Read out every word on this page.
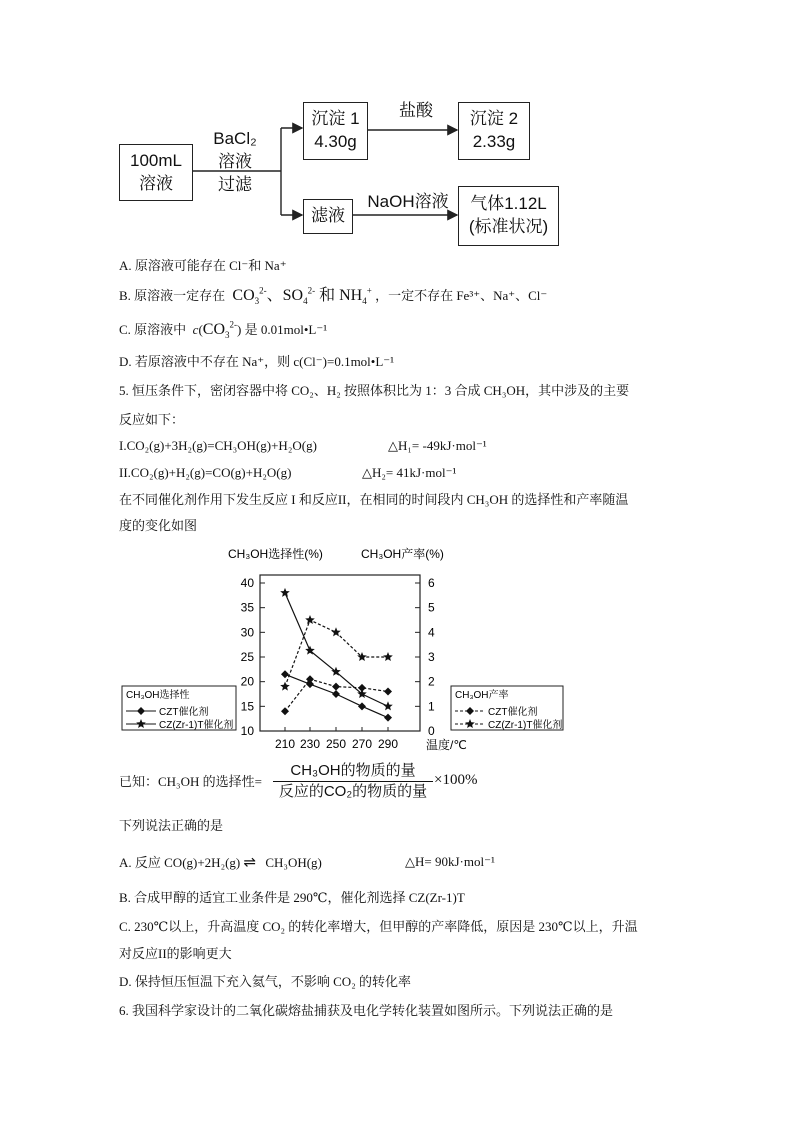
100mL
溶液
BaCl₂
溶液
过滤
沉淀 1
4.30g
盐酸	沉淀 2
2.33g
滤液
NaOH溶液	气体1.12L
(标准状况)
A. 原溶液可能存在 Cl⁻和 Na⁺
B. 原溶液一定存在  $CO_3^{2-}$、$SO_4^{2-}$ 和 $NH_4^+$ ，一定不存在 Fe³⁺、Na⁺、Cl⁻
C. 原溶液中 $c(CO_3^{2-})$ 是 0.01mol•L⁻¹
D. 若原溶液中不存在 Na⁺，则 c(Cl⁻)=0.1mol•L⁻¹
5. 恒压条件下，密闭容器中将 CO₂、H₂ 按照体积比为 1：3 合成 CH₃OH，其中涉及的主要
反应如下：
I.CO₂(g)+3H₂(g)=CH₃OH(g)+H₂O(g)	△H₁= -49kJ·mol⁻¹
II.CO₂(g)+H₂(g)=CO(g)+H₂O(g)	△H₂= 41kJ·mol⁻¹
在不同催化剂作用下发生反应 I 和反应II，在相同的时间段内 CH₃OH 的选择性和产率随温
度的变化如图
CH₃OH选择性(%)	CH₃OH产率(%)
10
15
20
25
30
35
40
0
1
2
3
4
5
6
210 230 250 270 290 温度/℃
CH₃OH选择性
CZT催化剂
CZ(Zr-1)T催化剂
CH₃OH产率
CZT催化剂
CZ(Zr-1)T催化剂
已知：CH₃OH 的选择性=
CH₃OH的物质的量
反应的CO₂的物质的量
×100%
下列说法正确的是
A. 反应 CO(g)+2H₂(g) ⇌ CH₃OH(g)	△H= 90kJ·mol⁻¹
B. 合成甲醇的适宜工业条件是 290℃，催化剂选择 CZ(Zr-1)T
C. 230℃以上，升高温度 CO₂ 的转化率增大，但甲醇的产率降低，原因是 230℃以上，升温
对反应II的影响更大
D. 保持恒压恒温下充入氦气，不影响 CO₂ 的转化率
6. 我国科学家设计的二氧化碳熔盐捕获及电化学转化装置如图所示。下列说法正确的是
